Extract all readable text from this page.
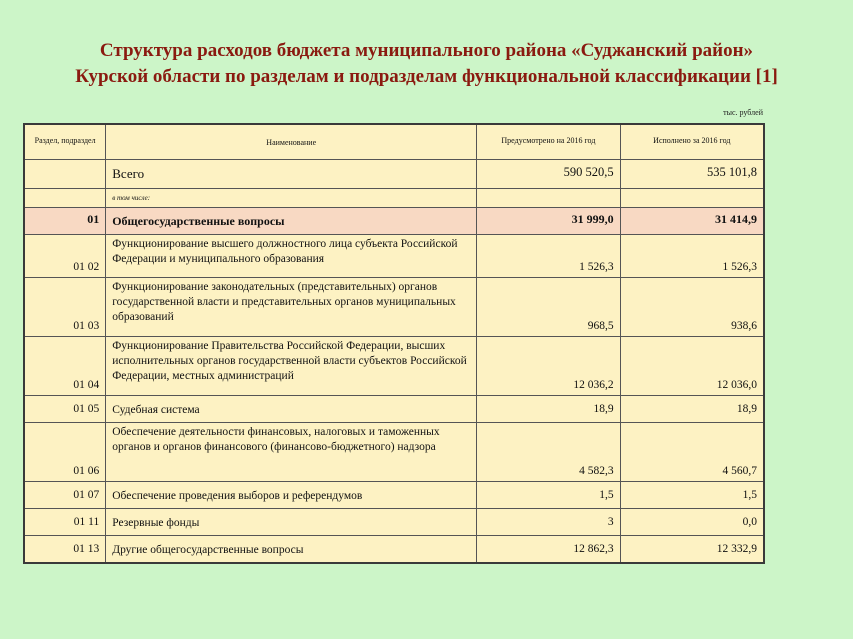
Структура расходов бюджета муниципального района «Суджанский район»
Курской области по разделам и подразделам функциональной классификации [1]
тыс. рублей
Раздел, подраздел	Наименование	Предусмотрено на 2016 год	Исполнено за 2016 год
	Всего	590 520,5	535 101,8
	в том числе:		
01	Общегосударственные вопросы	31 999,0	31 414,9
01 02	Функционирование высшего должностного лица субъекта Российской Федерации и муниципального образования	1 526,3	1 526,3
01 03	Функционирование законодательных (представительных) органов государственной власти и представительных органов муниципальных образований	968,5	938,6
01 04	Функционирование Правительства Российской Федерации, высших исполнительных органов государственной власти субъектов Российской Федерации, местных администраций	12 036,2	12 036,0
01 05	Судебная система	18,9	18,9
01 06	Обеспечение деятельности финансовых, налоговых и таможенных органов и органов финансового (финансово-бюджетного) надзора	4 582,3	4 560,7
01 07	Обеспечение проведения выборов и референдумов	1,5	1,5
01 11	Резервные фонды	3	0,0
01 13	Другие общегосударственные вопросы	12 862,3	12 332,9
